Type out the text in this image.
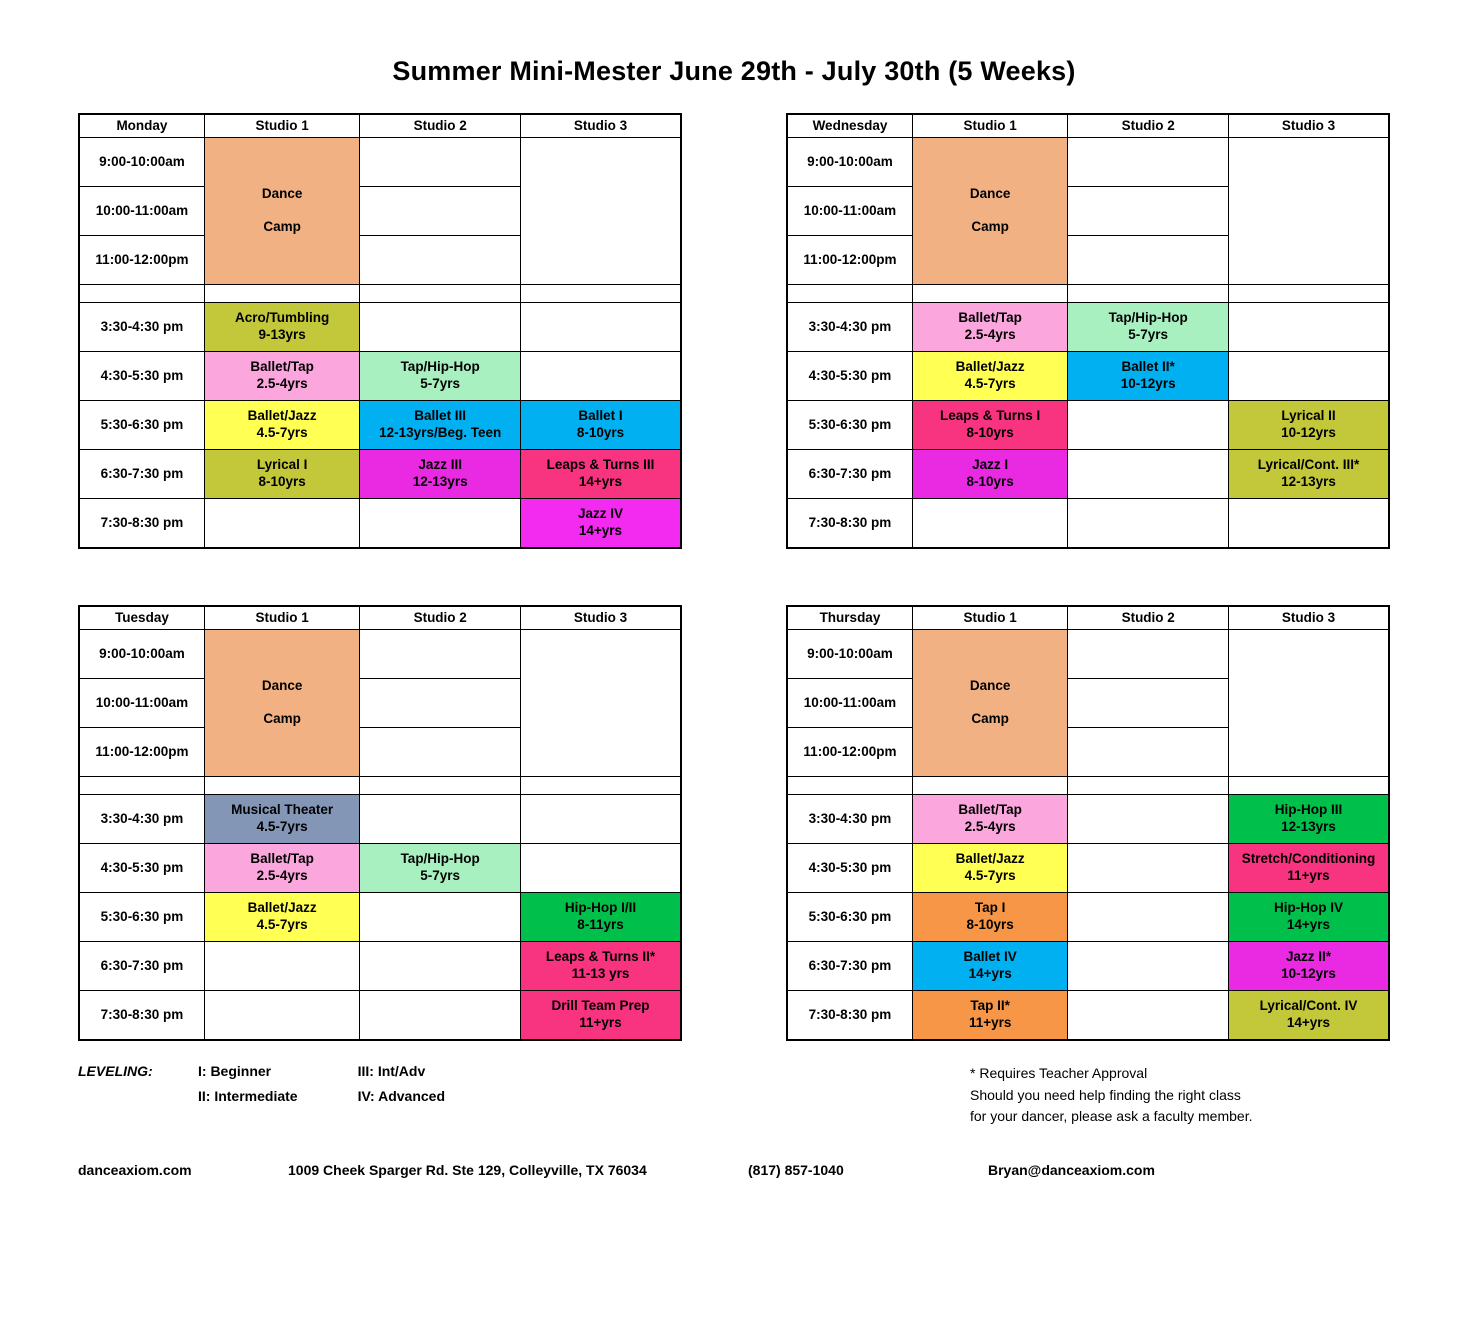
Summer Mini-Mester June 29th - July 30th (5 Weeks)
Monday	Studio 1	Studio 2	Studio 3
9:00-10:00am	Dance

Camp		
10:00-11:00am			
11:00-12:00pm			

3:30-4:30 pm	Acro/Tumbling
9-13yrs		

4:30-5:30 pm	Ballet/Tap
2.5-4yrs	Tap/Hip-Hop
5-7yrs	

5:30-6:30 pm	Ballet/Jazz
4.5-7yrs	Ballet III
12-13yrs/Beg. Teen	Ballet I
8-10yrs

6:30-7:30 pm	Lyrical I
8-10yrs	Jazz III
12-13yrs	Leaps & Turns III
14+yrs

7:30-8:30 pm			Jazz IV
14+yrs
Wednesday	Studio 1	Studio 2	Studio 3
9:00-10:00am	Dance

Camp		
10:00-11:00am			
11:00-12:00pm			

3:30-4:30 pm	Ballet/Tap
2.5-4yrs	Tap/Hip-Hop
5-7yrs	

4:30-5:30 pm	Ballet/Jazz
4.5-7yrs	Ballet II*
10-12yrs	

5:30-6:30 pm	Leaps & Turns I
8-10yrs		Lyrical II
10-12yrs

6:30-7:30 pm	Jazz I
8-10yrs		Lyrical/Cont. III*
12-13yrs

7:30-8:30 pm			
Tuesday	Studio 1	Studio 2	Studio 3
9:00-10:00am	Dance

Camp		
10:00-11:00am			
11:00-12:00pm			

3:30-4:30 pm	Musical Theater
4.5-7yrs		

4:30-5:30 pm	Ballet/Tap
2.5-4yrs	Tap/Hip-Hop
5-7yrs	

5:30-6:30 pm	Ballet/Jazz
4.5-7yrs		Hip-Hop I/II
8-11yrs

6:30-7:30 pm			Leaps & Turns II*
11-13 yrs

7:30-8:30 pm			Drill Team Prep
11+yrs
Thursday	Studio 1	Studio 2	Studio 3
9:00-10:00am	Dance

Camp		
10:00-11:00am			
11:00-12:00pm			

3:30-4:30 pm	Ballet/Tap
2.5-4yrs		Hip-Hop III
12-13yrs

4:30-5:30 pm	Ballet/Jazz
4.5-7yrs		Stretch/Conditioning
11+yrs

5:30-6:30 pm	Tap I
8-10yrs		Hip-Hop IV
14+yrs

6:30-7:30 pm	Ballet IV
14+yrs		Jazz II*
10-12yrs

7:30-8:30 pm	Tap II*
11+yrs		Lyrical/Cont. IV
14+yrs
LEVELING:	I: Beginner
II: Intermediate
III: Int/Adv
IV: Advanced
* Requires Teacher Approval
Should you need help finding the right class
for your dancer, please ask a faculty member.
danceaxiom.com	1009 Cheek Sparger Rd. Ste 129, Colleyville, TX 76034	(817) 857-1040	Bryan@danceaxiom.com
